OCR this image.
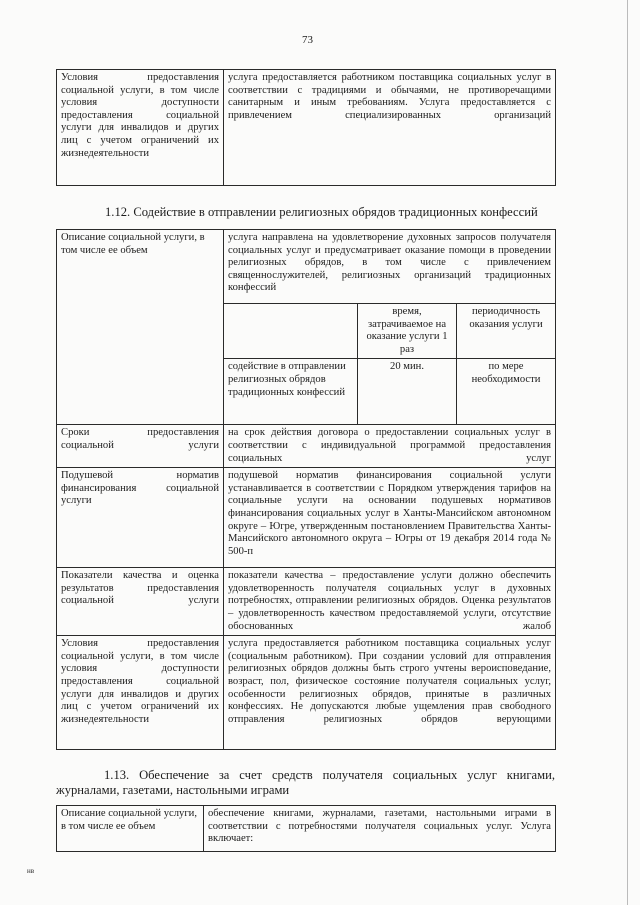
73
Условия предоставления социальной услуги, в том числе условия доступности предоставления социальной услуги для инвалидов и других лиц с учетом ограничений их жизнедеятельности	услуга предоставляется работником поставщика социальных услуг в соответствии с традициями и обычаями, не противоречащими санитарным и иным требованиям. Услуга предоставляется с привлечением специализированных организаций
1.12. Содействие в отправлении религиозных обрядов традиционных конфессий
Описание социальной услуги, в том числе ее объем	услуга направлена на удовлетворение духовных запросов получателя социальных услуг и предусматривает оказание помощи в проведении религиозных обрядов, в том числе с привлечением священнослужителей, религиозных организаций традиционных конфессий		
		время, затрачиваемое на оказание услуги 1 раз	периодичность оказания услуги
	содействие в отправлении религиозных обрядов традиционных конфессий	20 мин.	по мере необходимости
Сроки предоставления социальной услуги	на срок действия договора о предоставлении социальных услуг в соответствии с индивидуальной программой предоставления социальных услуг		
Подушевой норматив финансирования социальной услуги	подушевой норматив финансирования социальной услуги устанавливается в соответствии с Порядком утверждения тарифов на социальные услуги на основании подушевых нормативов финансирования социальных услуг в Ханты-Мансийском автономном округе – Югре, утвержденным постановлением Правительства Ханты-Мансийского автономного округа – Югры от 19 декабря 2014 года № 500-п		
Показатели качества и оценка результатов предоставления социальной услуги	показатели качества – предоставление услуги должно обеспечить удовлетворенность получателя социальных услуг в духовных потребностях, отправлении религиозных обрядов. Оценка результатов – удовлетворенность качеством предоставляемой услуги, отсутствие обоснованных жалоб		
Условия предоставления социальной услуги, в том числе условия доступности предоставления социальной услуги для инвалидов и других лиц с учетом ограничений их жизнедеятельности	услуга предоставляется работником поставщика социальных услуг (социальным работником). При создании условий для отправления религиозных обрядов должны быть строго учтены вероисповедание, возраст, пол, физическое состояние получателя социальных услуг, особенности религиозных обрядов, принятые в различных конфессиях. Не допускаются любые ущемления прав свободного отправления религиозных обрядов верующими		
1.13. Обеспечение за счет средств получателя социальных услуг книгами, журналами, газетами, настольными играми
Описание социальной услуги, в том числе ее объем	обеспечение книгами, журналами, газетами, настольными играми в соответствии с потребностями получателя социальных услуг. Услуга включает:
нв
